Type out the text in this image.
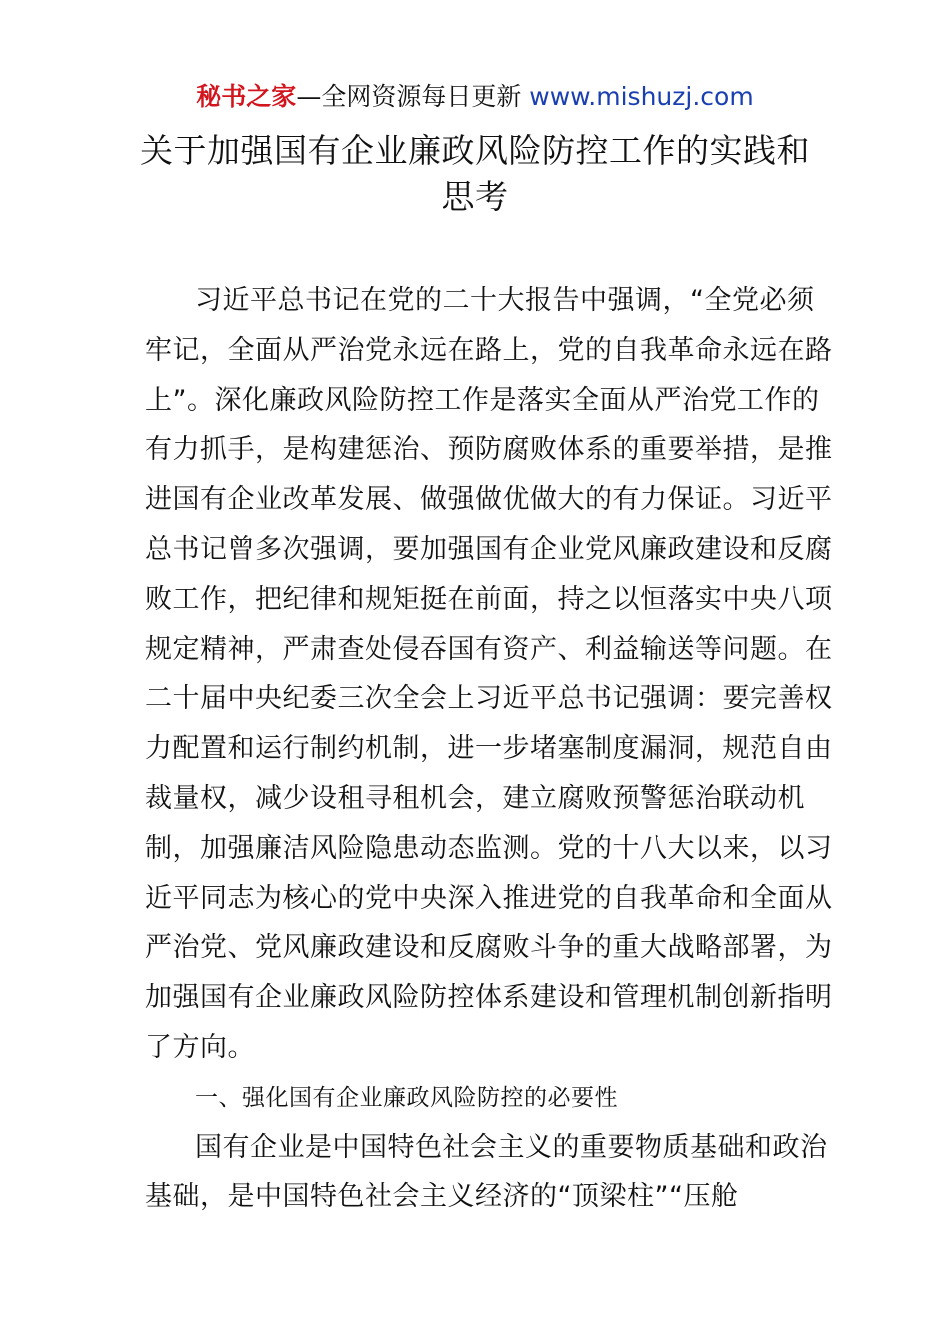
秘书之家—全网资源每日更新 www.mishuzj.com
关于加强国有企业廉政风险防控工作的实践和
思考
习近平总书记在党的二十大报告中强调，“全党必须
牢记，全面从严治党永远在路上，党的自我革命永远在路
上”。深化廉政风险防控工作是落实全面从严治党工作的
有力抓手，是构建惩治、预防腐败体系的重要举措，是推
进国有企业改革发展、做强做优做大的有力保证。习近平
总书记曾多次强调，要加强国有企业党风廉政建设和反腐
败工作，把纪律和规矩挺在前面，持之以恒落实中央八项
规定精神，严肃查处侵吞国有资产、利益输送等问题。在
二十届中央纪委三次全会上习近平总书记强调：要完善权
力配置和运行制约机制，进一步堵塞制度漏洞，规范自由
裁量权，减少设租寻租机会，建立腐败预警惩治联动机
制，加强廉洁风险隐患动态监测。党的十八大以来，以习
近平同志为核心的党中央深入推进党的自我革命和全面从
严治党、党风廉政建设和反腐败斗争的重大战略部署，为
加强国有企业廉政风险防控体系建设和管理机制创新指明
了方向。
一、强化国有企业廉政风险防控的必要性
国有企业是中国特色社会主义的重要物质基础和政治
基础，是中国特色社会主义经济的“顶梁柱”“压舱
